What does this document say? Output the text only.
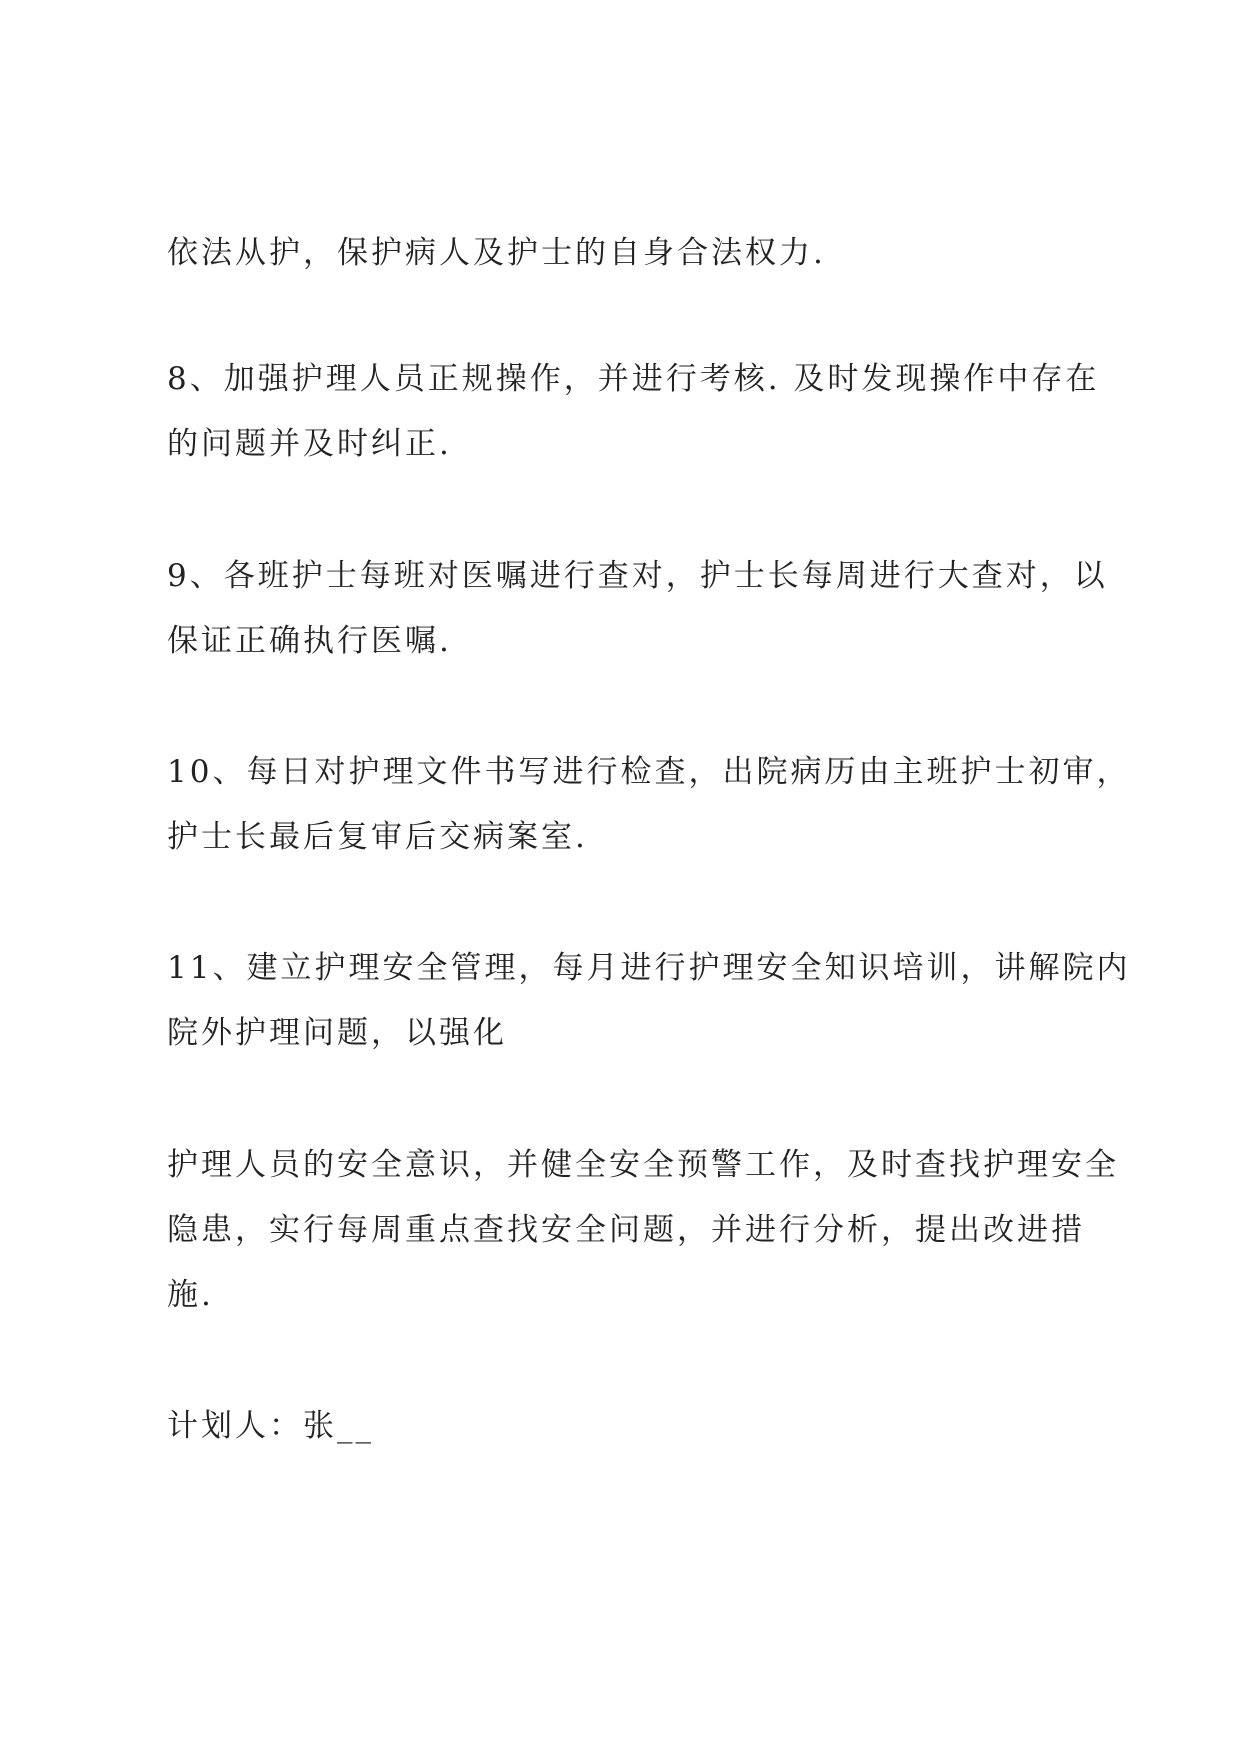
依法从护，保护病人及护士的自身合法权力.

8、加强护理人员正规操作，并进行考核. 及时发现操作中存在

的问题并及时纠正.

9、各班护士每班对医嘱进行查对，护士长每周进行大查对，以

保证正确执行医嘱.

10、每日对护理文件书写进行检查，出院病历由主班护士初审，

护士长最后复审后交病案室.

11、建立护理安全管理，每月进行护理安全知识培训，讲解院内

院外护理问题，以强化

护理人员的安全意识，并健全安全预警工作，及时查找护理安全

隐患，实行每周重点查找安全问题，并进行分析，提出改进措

施.

计划人：张__
